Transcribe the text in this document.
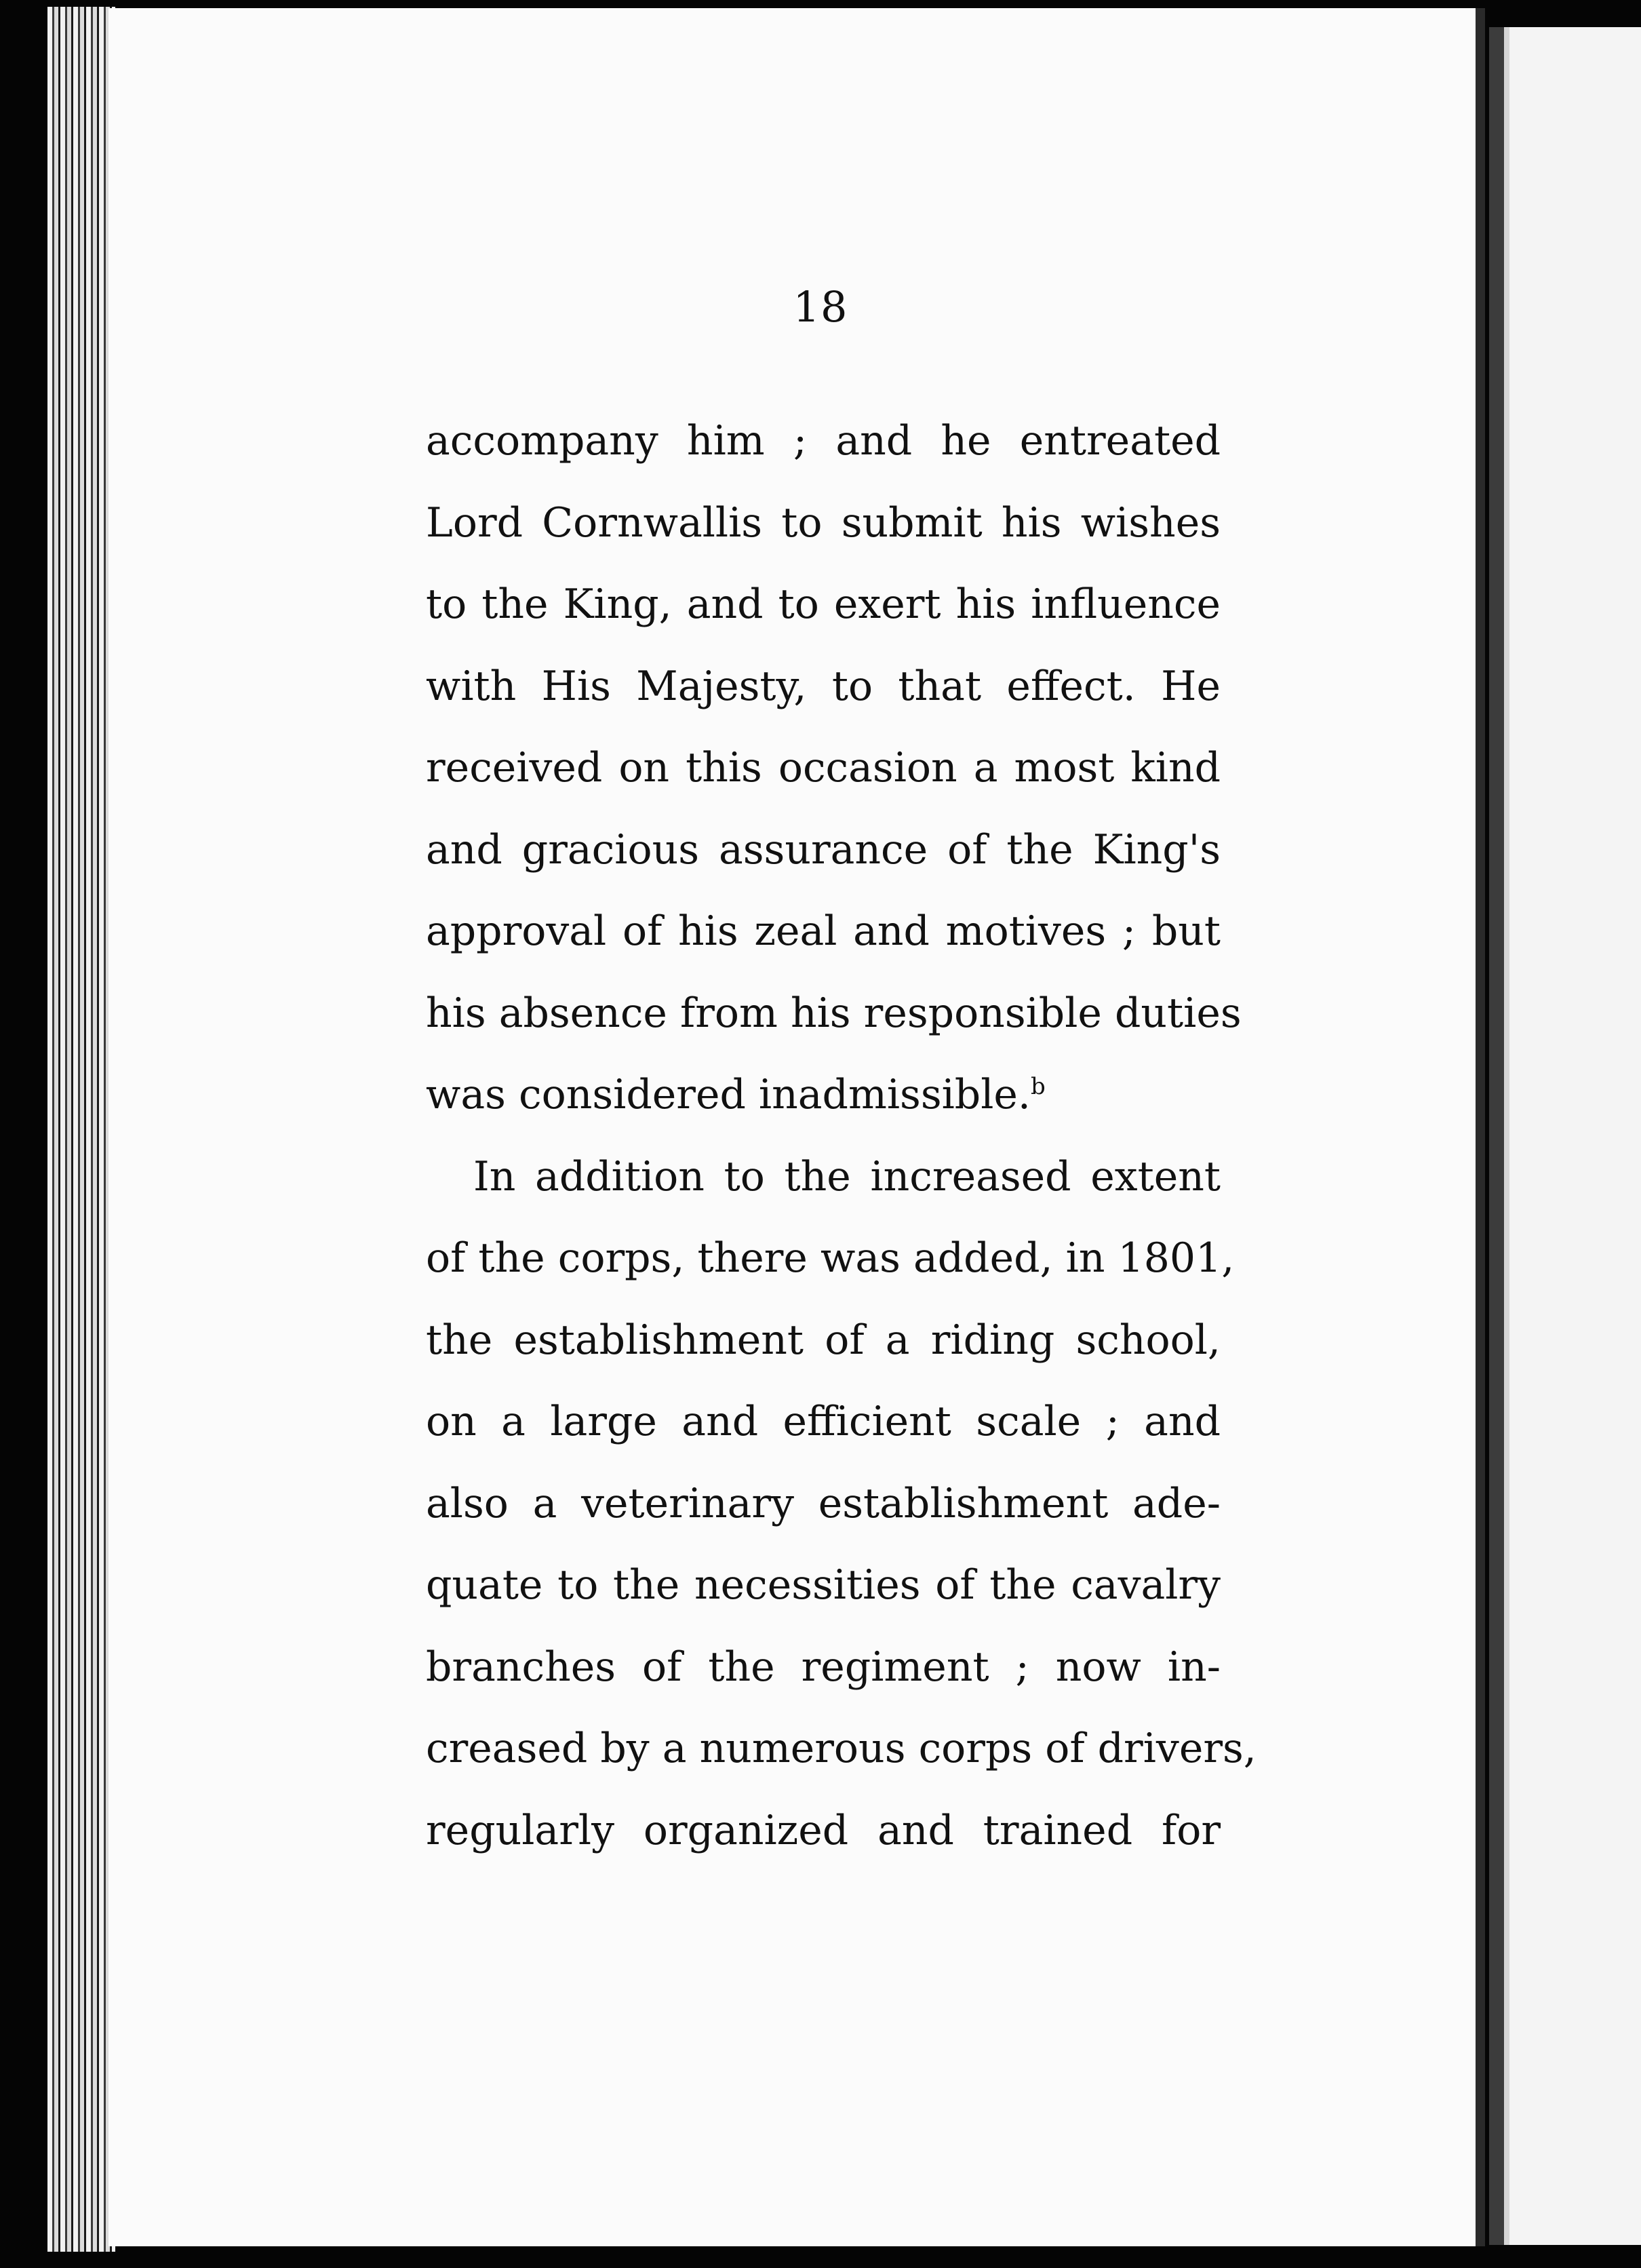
18
accompany him ; and he entreated
Lord Cornwallis to submit his wishes
to the King, and to exert his influence
with His Majesty, to that effect. He
received on this occasion a most kind
and gracious assurance of the King's
approval of his zeal and motives ; but
his absence from his responsible duties
was considered inadmissible.$^b$
In addition to the increased extent
of the corps, there was added, in 1801,
the establishment of a riding school,
on a large and efficient scale ; and
also a veterinary establishment ade-
quate to the necessities of the cavalry
branches of the regiment ; now in-
creased by a numerous corps of drivers,
regularly organized and trained for
